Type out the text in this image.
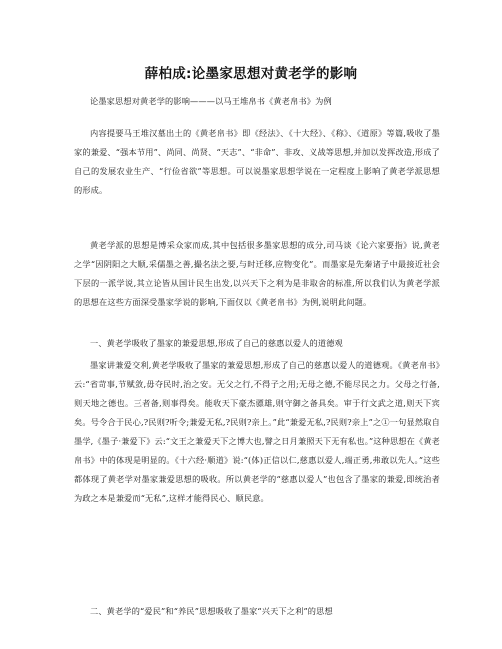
薛柏成:论墨家思想对黄老学的影响
论墨家思想对黄老学的影响———以马王堆帛书《黄老帛书》为例
内容提要马王堆汉墓出土的《黄老帛书》即《经法》、《十大经》、《称》、《道原》等篇,吸收了墨家的兼爱、“强本节用”、尚同、尚贤、“天志”、“非命”、非攻、义战等思想,并加以发挥改造,形成了自己的发展农业生产、“行俭省欲”等思想。可以说墨家思想学说在一定程度上影响了黄老学派思想的形成。
黄老学派的思想是博采众家而成,其中包括很多墨家思想的成分,司马谈《论六家要指》说,黄老之学“因阴阳之大顺,采儒墨之善,撮名法之要,与时迁移,应物变化”。而墨家是先秦诸子中最接近社会下层的一派学说,其立论皆从国计民生出发,以兴天下之利为是非取舍的标准,所以我们认为黄老学派的思想在这些方面深受墨家学说的影响,下面仅以《黄老帛书》为例,说明此问题。
一、黄老学吸收了墨家的兼爱思想,形成了自己的慈惠以爱人的道德观
墨家讲兼爱交利,黄老学吸收了墨家的兼爱思想,形成了自己的慈惠以爱人的道德观。《黄老帛书》云:“省苛事,节赋敛,毋夺民时,治之安。无父之行,不得子之用;无母之德,不能尽民之力。父母之行备,则天地之德也。三者备,则事得矣。能收天下豪杰骠雄,则守御之备具矣。审于行文武之道,则天下宾矣。号令合于民心,?民则?听令;兼爱无私,?民则?亲上。”此“兼爱无私,?民则?亲上”之①一句显然取自墨学,《墨子·兼爱下》云:“文王之兼爱天下之博大也,譬之日月兼照天下无有私也。”这种思想在《黄老帛书》中的体现是明显的。《十六经·顺道》说:“(体)正信以仁,慈惠以爱人,端正勇,弗敢以先人。”这些都体现了黄老学对墨家兼爱思想的吸收。所以黄老学的“慈惠以爱人”也包含了墨家的兼爱,即统治者为政之本是兼爱而“无私”,这样才能得民心、顺民意。
二、黄老学的“爱民”和“养民”思想吸收了墨家“兴天下之利”的思想
